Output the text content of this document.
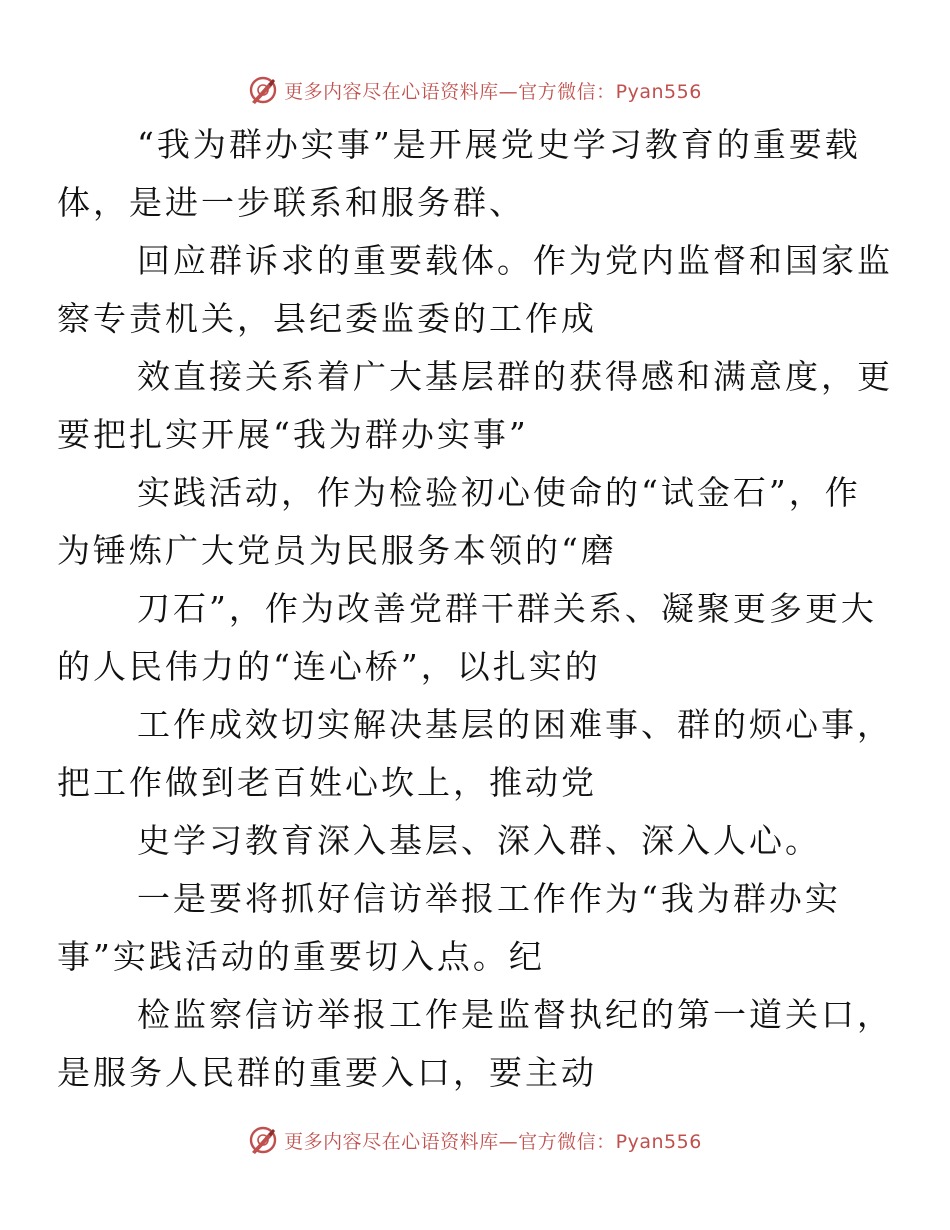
更多内容尽在心语资料库—官方微信：Pyan556

“我为群办实事”是开展党史学习教育的重要载
体，是进一步联系和服务群、

回应群诉求的重要载体。作为党内监督和国家监
察专责机关，县纪委监委的工作成

效直接关系着广大基层群的获得感和满意度，更
要把扎实开展“我为群办实事”

实践活动，作为检验初心使命的“试金石”，作
为锤炼广大党员为民服务本领的“磨

刀石”，作为改善党群干群关系、凝聚更多更大
的人民伟力的“连心桥”，以扎实的

工作成效切实解决基层的困难事、群的烦心事，
把工作做到老百姓心坎上，推动党

史学习教育深入基层、深入群、深入人心。

一是要将抓好信访举报工作作为“我为群办实
事”实践活动的重要切入点。纪

检监察信访举报工作是监督执纪的第一道关口，
是服务人民群的重要入口，要主动

更多内容尽在心语资料库—官方微信：Pyan556
